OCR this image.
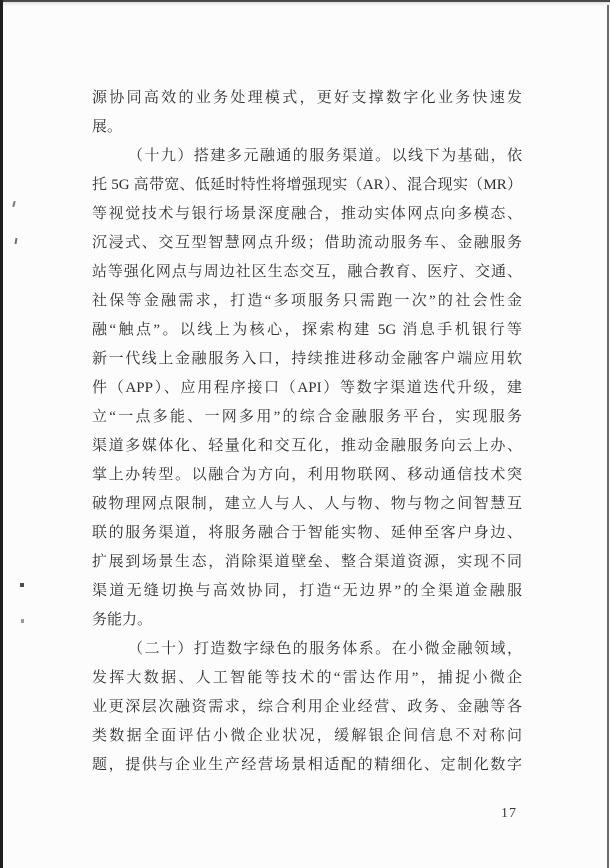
源协同高效的业务处理模式，更好支撑数字化业务快速发
展。
（十九）搭建多元融通的服务渠道。以线下为基础，依
托 5G 高带宽、低延时特性将增强现实（AR）、混合现实（MR）
等视觉技术与银行场景深度融合，推动实体网点向多模态、
沉浸式、交互型智慧网点升级；借助流动服务车、金融服务
站等强化网点与周边社区生态交互，融合教育、医疗、交通、
社保等金融需求，打造“多项服务只需跑一次”的社会性金
融“触点”。以线上为核心，探索构建 5G 消息手机银行等
新一代线上金融服务入口，持续推进移动金融客户端应用软
件（APP）、应用程序接口（API）等数字渠道迭代升级，建
立“一点多能、一网多用”的综合金融服务平台，实现服务
渠道多媒体化、轻量化和交互化，推动金融服务向云上办、
掌上办转型。以融合为方向，利用物联网、移动通信技术突
破物理网点限制，建立人与人、人与物、物与物之间智慧互
联的服务渠道，将服务融合于智能实物、延伸至客户身边、
扩展到场景生态，消除渠道壁垒、整合渠道资源，实现不同
渠道无缝切换与高效协同，打造“无边界”的全渠道金融服
务能力。
（二十）打造数字绿色的服务体系。在小微金融领域，
发挥大数据、人工智能等技术的“雷达作用”，捕捉小微企
业更深层次融资需求，综合利用企业经营、政务、金融等各
类数据全面评估小微企业状况，缓解银企间信息不对称问
题，提供与企业生产经营场景相适配的精细化、定制化数字
17
